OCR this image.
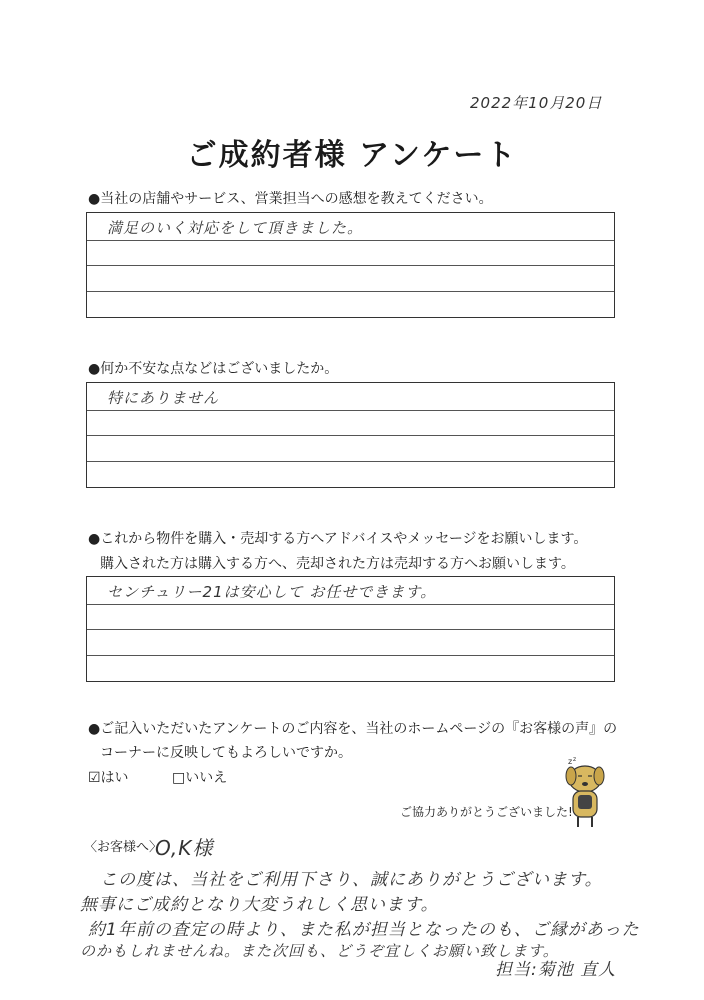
2022年10月20日
ご成約者様 アンケート
●当社の店舗やサービス、営業担当への感想を教えてください。
満足のいく対応をして頂きました。
●何か不安な点などはございましたか。
特にありません
●これから物件を購入・売却する方へアドバイスやメッセージをお願いします。
購入された方は購入する方へ、売却された方は売却する方へお願いします。
センチュリー21は安心して お任せできます。
●ご記入いただいたアンケートのご内容を、当社のホームページの『お客様の声』の
コーナーに反映してもよろしいですか。
☑はい	□いいえ
z z
ご協力ありがとうございました!
〈お客様へ〉
O,K様
この度は、当社をご利用下さり、誠にありがとうございます。
無事にご成約となり大変うれしく思います。
約1年前の査定の時より、また私が担当となったのも、ご縁があった
のかもしれませんね。また次回も、どうぞ宜しくお願い致します。
担当:菊池 直人
